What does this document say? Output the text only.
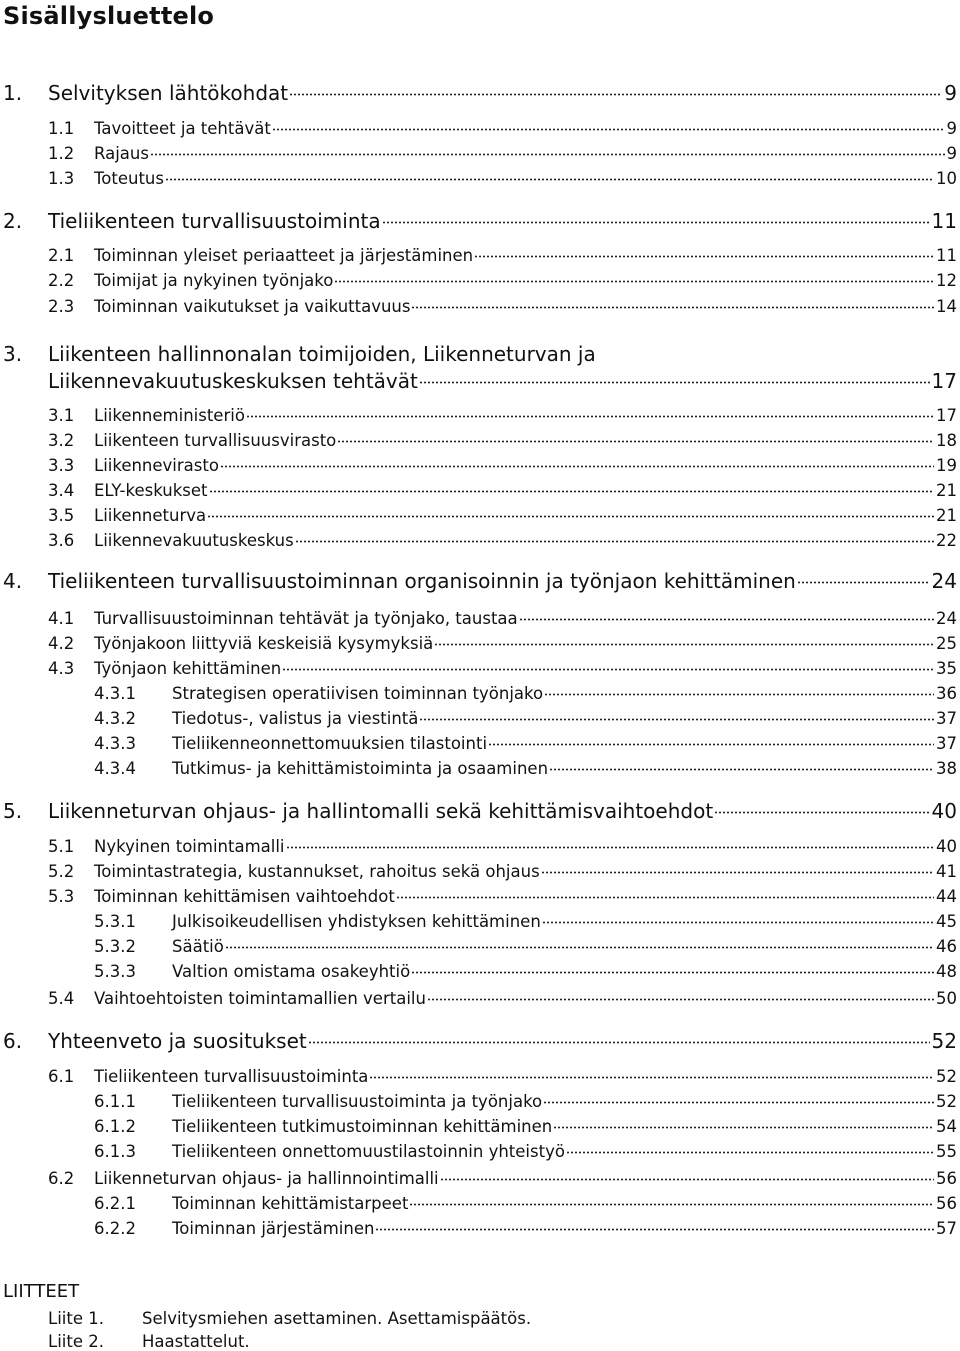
Sisällysluettelo
1.	Selvityksen lähtökohdat	9
1.1	Tavoitteet ja tehtävät	9
1.2	Rajaus	9
1.3	Toteutus	10
2.	Tieliikenteen turvallisuustoiminta	11
2.1	Toiminnan yleiset periaatteet ja järjestäminen	11
2.2	Toimijat ja nykyinen työnjako	12
2.3	Toiminnan vaikutukset ja vaikuttavuus	14
3.	Liikenteen hallinnonalan toimijoiden, Liikenneturvan ja
Liikennevakuutuskeskuksen tehtävät	17
3.1	Liikenneministeriö	17
3.2	Liikenteen turvallisuusvirasto	18
3.3	Liikennevirasto	19
3.4	ELY-keskukset	21
3.5	Liikenneturva	21
3.6	Liikennevakuutuskeskus	22
4.	Tieliikenteen turvallisuustoiminnan organisoinnin ja työnjaon kehittäminen	24
4.1	Turvallisuustoiminnan tehtävät ja työnjako, taustaa	24
4.2	Työnjakoon liittyviä keskeisiä kysymyksiä	25
4.3	Työnjaon kehittäminen	35
4.3.1	Strategisen operatiivisen toiminnan työnjako	36
4.3.2	Tiedotus-, valistus ja viestintä	37
4.3.3	Tieliikenneonnettomuuksien tilastointi	37
4.3.4	Tutkimus- ja kehittämistoiminta ja osaaminen	38
5.	Liikenneturvan ohjaus- ja hallintomalli sekä kehittämisvaihtoehdot	40
5.1	Nykyinen toimintamalli	40
5.2	Toimintastrategia, kustannukset, rahoitus sekä ohjaus	41
5.3	Toiminnan kehittämisen vaihtoehdot	44
5.3.1	Julkisoikeudellisen yhdistyksen kehittäminen	45
5.3.2	Säätiö	46
5.3.3	Valtion omistama osakeyhtiö	48
5.4	Vaihtoehtoisten toimintamallien vertailu	50
6.	Yhteenveto ja suositukset	52
6.1	Tieliikenteen turvallisuustoiminta	52
6.1.1	Tieliikenteen turvallisuustoiminta ja työnjako	52
6.1.2	Tieliikenteen tutkimustoiminnan kehittäminen	54
6.1.3	Tieliikenteen onnettomuustilastoinnin yhteistyö	55
6.2	Liikenneturvan ohjaus- ja hallinnointimalli	56
6.2.1	Toiminnan kehittämistarpeet	56
6.2.2	Toiminnan järjestäminen	57
LIITTEET
Liite 1.	Selvitysmiehen asettaminen. Asettamispäätös.
Liite 2.	Haastattelut.
